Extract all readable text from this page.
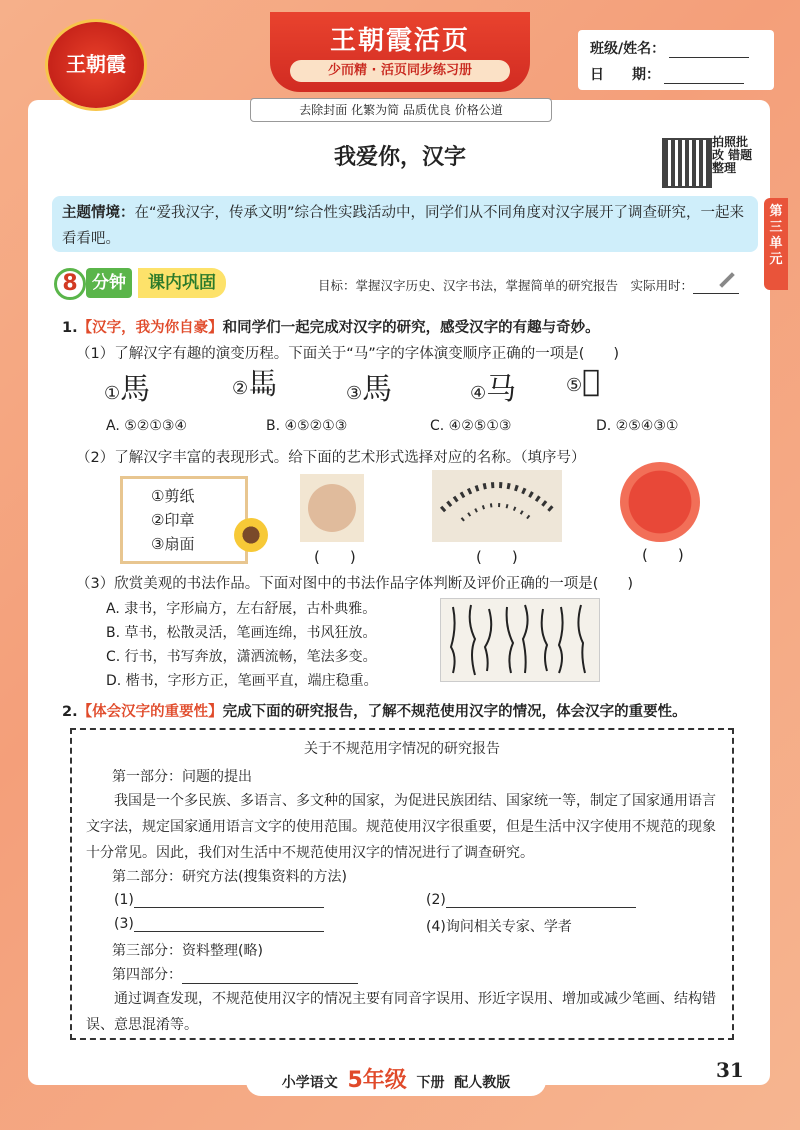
王朝霞
王朝霞活页
少而精 · 活页同步练习册
班级/姓名：
日　　期：
去除封面 化繁为简 品质优良 价格公道
我爱你，汉字
拍照批改 错题整理
第三单元
主题情境：在“爱我汉字，传承文明”综合性实践活动中，同学们从不同角度对汉字展开了调查研究，一起来看看吧。
8 分钟	课内巩固	目标：掌握汉字历史、汉字书法，掌握简单的研究报告　实际用时：
1.【汉字，我为你自豪】和同学们一起完成对汉字的研究，感受汉字的有趣与奇妙。
（1）了解汉字有趣的演变历程。下面关于“马”字的字体演变顺序正确的一项是(　　)
①馬	②𩡧	③馬	④马	⑤𢒂
A. ⑤②①③④	B. ④⑤②①③	C. ④②⑤①③	D. ②⑤④③①
（2）了解汉字丰富的表现形式。给下面的艺术形式选择对应的名称。（填序号）
①剪纸
②印章
③扇面
(　　)	(　　)	(　　)
（3）欣赏美观的书法作品。下面对图中的书法作品字体判断及评价正确的一项是(　　)
A. 隶书，字形扁方，左右舒展，古朴典雅。
B. 草书，松散灵活，笔画连绵，书风狂放。
C. 行书，书写奔放，潇洒流畅，笔法多变。
D. 楷书，字形方正，笔画平直，端庄稳重。
2.【体会汉字的重要性】完成下面的研究报告，了解不规范使用汉字的情况，体会汉字的重要性。
关于不规范用字情况的研究报告
第一部分：问题的提出
我国是一个多民族、多语言、多文种的国家，为促进民族团结、国家统一等，制定了国家通用语言文字法，规定国家通用语言文字的使用范围。规范使用汉字很重要，但是生活中汉字使用不规范的现象十分常见。因此，我们对生活中不规范使用汉字的情况进行了调查研究。
第二部分：研究方法(搜集资料的方法)
(1)	(2)
(3)	(4)询问相关专家、学者
第三部分：资料整理(略)
第四部分：
通过调查发现，不规范使用汉字的情况主要有同音字误用、形近字误用、增加或减少笔画、结构错误、意思混淆等。
小学语文 5年级 下册 配人教版
31
